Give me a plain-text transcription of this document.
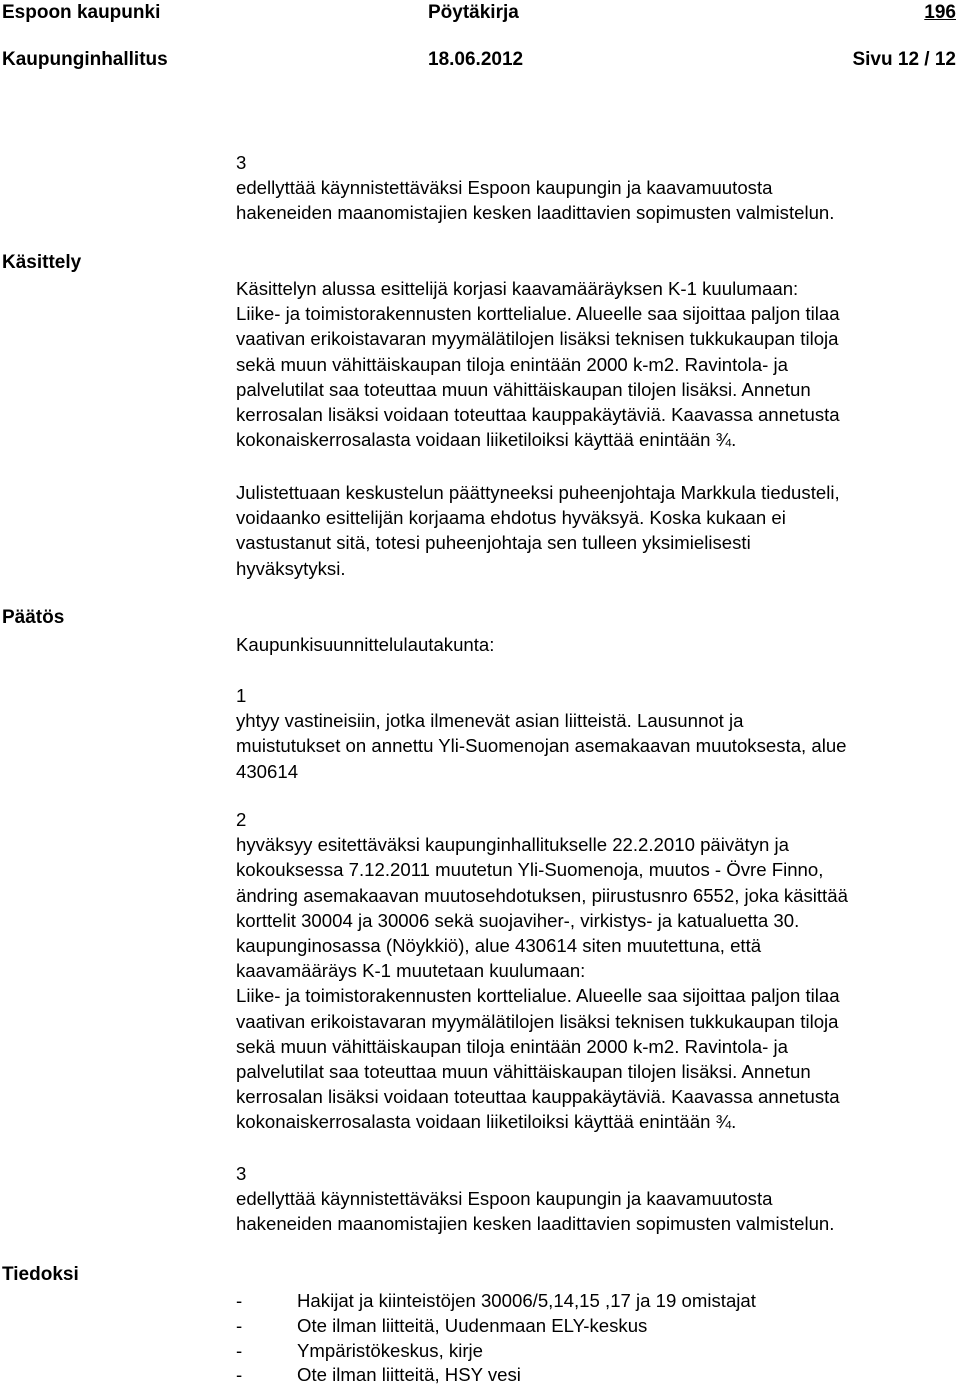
Espoon kaupunki	Pöytäkirja	196
Kaupunginhallitus	18.06.2012	Sivu 12 / 12

3

edellyttää käynnistettäväksi Espoon kaupungin ja kaavamuutosta

hakeneiden maanomistajien kesken laadittavien sopimusten valmistelun.

Käsittely

Käsittelyn alussa esittelijä korjasi kaavamääräyksen K-1 kuulumaan:

Liike- ja toimistorakennusten korttelialue. Alueelle saa sijoittaa paljon tilaa

vaativan erikoistavaran myymälätilojen lisäksi teknisen tukkukaupan tiloja

sekä muun vähittäiskaupan tiloja enintään 2000 k-m2. Ravintola- ja

palvelutilat saa toteuttaa muun vähittäiskaupan tilojen lisäksi. Annetun

kerrosalan lisäksi voidaan toteuttaa kauppakäytäviä. Kaavassa annetusta

kokonaiskerrosalasta voidaan liiketiloiksi käyttää enintään ¾.

Julistettuaan keskustelun päättyneeksi puheenjohtaja Markkula tiedusteli,

voidaanko esittelijän korjaama ehdotus hyväksyä. Koska kukaan ei

vastustanut sitä, totesi puheenjohtaja sen tulleen yksimielisesti

hyväksytyksi.

Päätös
Kaupunkisuunnittelulautakunta:

1

yhtyy vastineisiin, jotka ilmenevät asian liitteistä. Lausunnot ja

muistutukset on annettu Yli-Suomenojan asemakaavan muutoksesta, alue

430614

2

hyväksyy esitettäväksi kaupunginhallitukselle 22.2.2010 päivätyn ja

kokouksessa 7.12.2011 muutetun Yli-Suomenoja, muutos - Övre Finno,

ändring asemakaavan muutosehdotuksen, piirustusnro 6552, joka käsittää

korttelit 30004 ja 30006 sekä suojaviher-, virkistys- ja katualuetta 30.

kaupunginosassa (Nöykkiö), alue 430614 siten muutettuna, että

kaavamääräys K-1 muutetaan kuulumaan:

Liike- ja toimistorakennusten korttelialue. Alueelle saa sijoittaa paljon tilaa

vaativan erikoistavaran myymälätilojen lisäksi teknisen tukkukaupan tiloja

sekä muun vähittäiskaupan tiloja enintään 2000 k-m2. Ravintola- ja

palvelutilat saa toteuttaa muun vähittäiskaupan tilojen lisäksi. Annetun

kerrosalan lisäksi voidaan toteuttaa kauppakäytäviä. Kaavassa annetusta

kokonaiskerrosalasta voidaan liiketiloiksi käyttää enintään ¾.

3

edellyttää käynnistettäväksi Espoon kaupungin ja kaavamuutosta

hakeneiden maanomistajien kesken laadittavien sopimusten valmistelun.

Tiedoksi
-	Hakijat ja kiinteistöjen 30006/5,14,15 ,17 ja 19 omistajat
-	Ote ilman liitteitä, Uudenmaan ELY-keskus
-	Ympäristökeskus, kirje
-	Ote ilman liitteitä, HSY vesi
